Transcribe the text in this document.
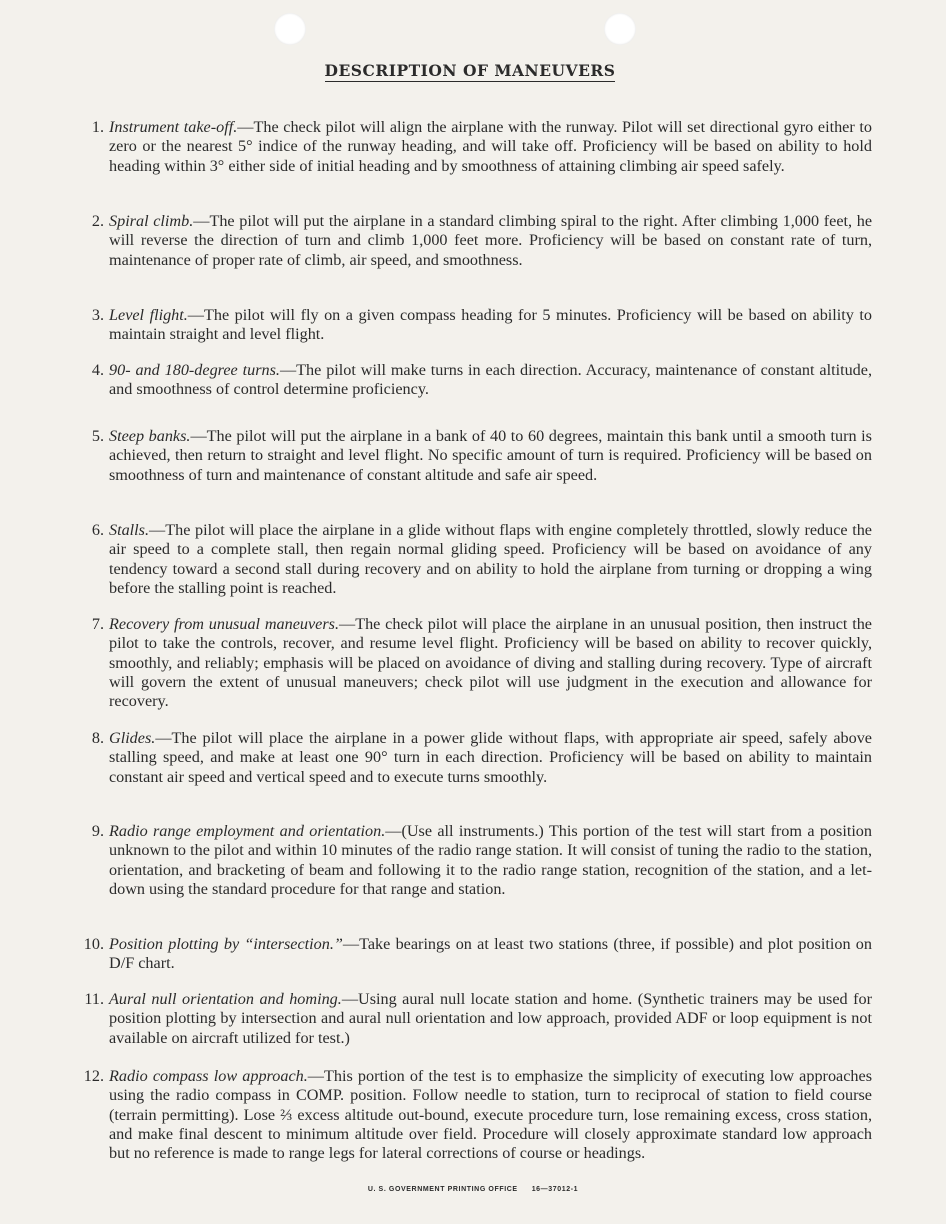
DESCRIPTION OF MANEUVERS
1. Instrument take-off.—The check pilot will align the airplane with the runway. Pilot will set directional gyro either to zero or the nearest 5° indice of the runway heading, and will take off. Proficiency will be based on ability to hold heading within 3° either side of initial heading and by smoothness of attaining climbing air speed safely.
2. Spiral climb.—The pilot will put the airplane in a standard climbing spiral to the right. After climbing 1,000 feet, he will reverse the direction of turn and climb 1,000 feet more. Proficiency will be based on constant rate of turn, maintenance of proper rate of climb, air speed, and smoothness.
3. Level flight.—The pilot will fly on a given compass heading for 5 minutes. Proficiency will be based on ability to maintain straight and level flight.
4. 90- and 180-degree turns.—The pilot will make turns in each direction. Accuracy, maintenance of constant altitude, and smoothness of control determine proficiency.
5. Steep banks.—The pilot will put the airplane in a bank of 40 to 60 degrees, maintain this bank until a smooth turn is achieved, then return to straight and level flight. No specific amount of turn is required. Proficiency will be based on smoothness of turn and maintenance of constant altitude and safe air speed.
6. Stalls.—The pilot will place the airplane in a glide without flaps with engine completely throttled, slowly reduce the air speed to a complete stall, then regain normal gliding speed. Proficiency will be based on avoidance of any tendency toward a second stall during recovery and on ability to hold the airplane from turning or dropping a wing before the stalling point is reached.
7. Recovery from unusual maneuvers.—The check pilot will place the airplane in an unusual position, then instruct the pilot to take the controls, recover, and resume level flight. Proficiency will be based on ability to recover quickly, smoothly, and reliably; emphasis will be placed on avoidance of diving and stalling during recovery. Type of aircraft will govern the extent of unusual maneuvers; check pilot will use judgment in the execution and allowance for recovery.
8. Glides.—The pilot will place the airplane in a power glide without flaps, with appropriate air speed, safely above stalling speed, and make at least one 90° turn in each direction. Proficiency will be based on ability to maintain constant air speed and vertical speed and to execute turns smoothly.
9. Radio range employment and orientation.—(Use all instruments.) This portion of the test will start from a position unknown to the pilot and within 10 minutes of the radio range station. It will consist of tuning the radio to the station, orientation, and bracketing of beam and following it to the radio range station, recognition of the station, and a let-down using the standard procedure for that range and station.
10. Position plotting by “intersection.”—Take bearings on at least two stations (three, if possible) and plot position on D/F chart.
11. Aural null orientation and homing.—Using aural null locate station and home. (Synthetic trainers may be used for position plotting by intersection and aural null orientation and low approach, provided ADF or loop equipment is not available on aircraft utilized for test.)
12. Radio compass low approach.—This portion of the test is to emphasize the simplicity of executing low approaches using the radio compass in COMP. position. Follow needle to station, turn to reciprocal of station to field course (terrain permitting). Lose ⅔ excess altitude out-bound, execute procedure turn, lose remaining excess, cross station, and make final descent to minimum altitude over field. Procedure will closely approximate standard low approach but no reference is made to range legs for lateral corrections of course or headings.
U. S. GOVERNMENT PRINTING OFFICE 16—37012-1
